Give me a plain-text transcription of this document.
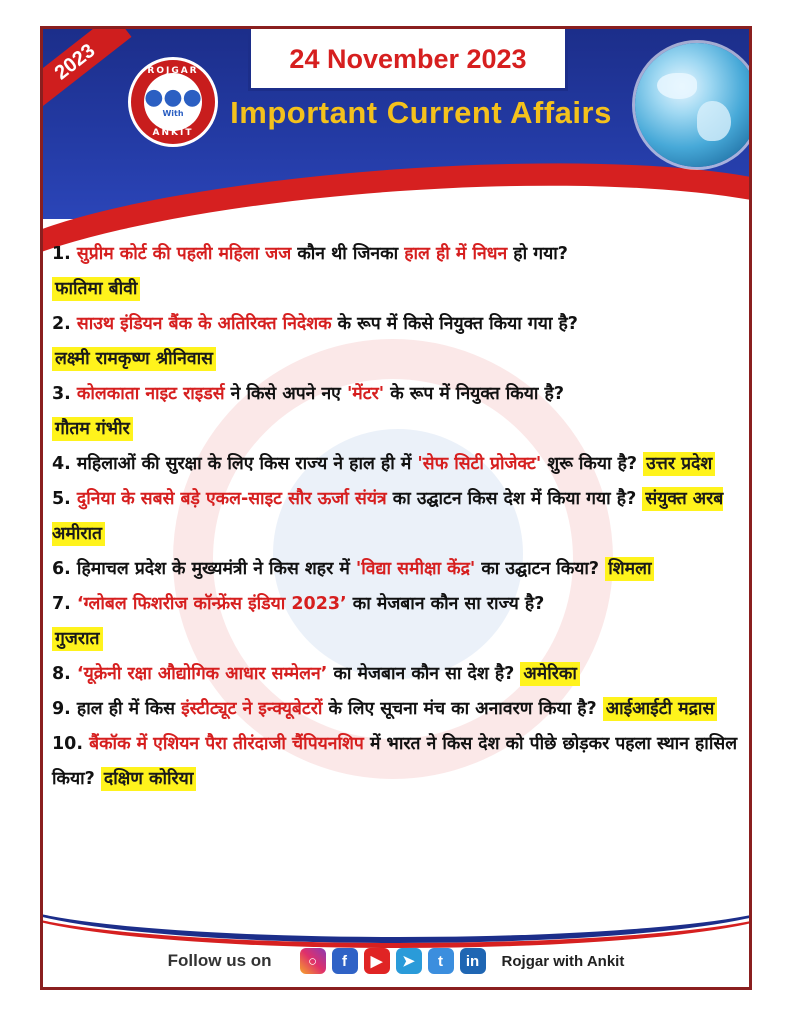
2023	ROJGAR
●●●
With
ANKIT
24 November 2023
Important Current Affairs
1. सुप्रीम कोर्ट की पहली महिला जज कौन थी जिनका हाल ही में निधन हो गया?
फातिमा बीवी
2. साउथ इंडियन बैंक के अतिरिक्त निदेशक के रूप में किसे नियुक्त किया गया है?
लक्ष्मी रामकृष्ण श्रीनिवास
3. कोलकाता नाइट राइडर्स ने किसे अपने नए 'मेंटर' के रूप में नियुक्त किया है?
गौतम गंभीर
4. महिलाओं की सुरक्षा के लिए किस राज्य ने हाल ही में 'सेफ सिटी प्रोजेक्ट' शुरू किया है? उत्तर प्रदेश
5. दुनिया के सबसे बड़े एकल-साइट सौर ऊर्जा संयंत्र का उद्घाटन किस देश में किया गया है? संयुक्त अरब अमीरात
6. हिमाचल प्रदेश के मुख्यमंत्री ने किस शहर में 'विद्या समीक्षा केंद्र' का उद्घाटन किया? शिमला
7. ‘ग्लोबल फिशरीज कॉन्फ्रेंस इंडिया 2023’ का मेजबान कौन सा राज्य है?
गुजरात
8. ‘यूक्रेनी रक्षा औद्योगिक आधार सम्मेलन’ का मेजबान कौन सा देश है? अमेरिका
9. हाल ही में किस इंस्टीट्यूट ने इन्क्यूबेटरों के लिए सूचना मंच का अनावरण किया है? आईआईटी मद्रास
10. बैंकॉक में एशियन पैरा तीरंदाजी चैंपियनशिप में भारत ने किस देश को पीछे छोड़कर पहला स्थान हासिल किया? दक्षिण कोरिया
Follow us on	○	f	▶	➤	t	in	Rojgar with Ankit
